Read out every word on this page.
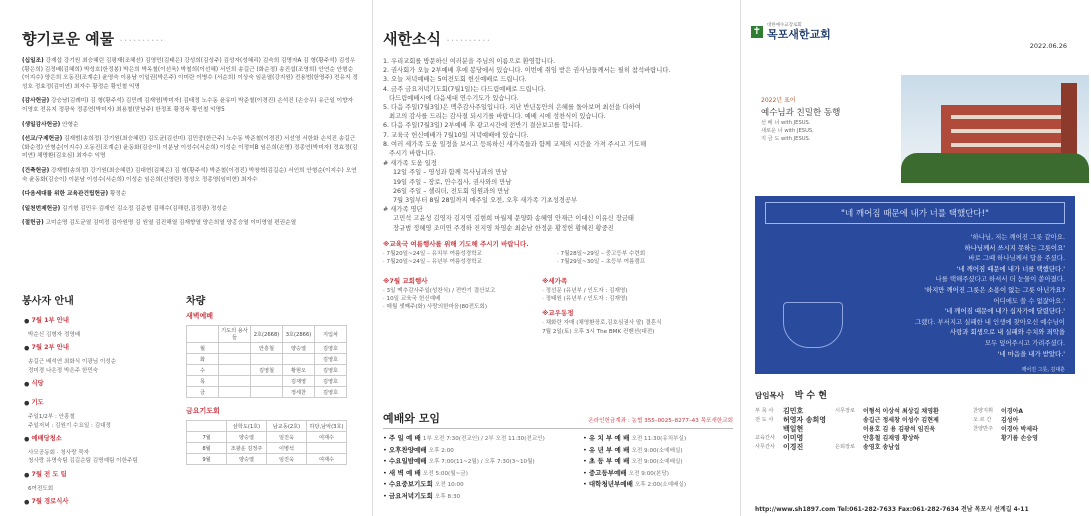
향기로운 예물 ··········
(십일조) 강재섭 강기원 최승혜린 김평재(조혜선) 김영민(김태은) 강성희(김성주) 김성자(성혜리) 김숙희 김명자A 김 형(황주석) 김성우(황은희) 김정배(김혜희) 박성호(한정봉) 박은희 박옥철(이선욱) 박철희(이선혜) 서인희 송길근 (화순정) 송진섭(조영희) 안연순 안형순(이지수) 양은희 오동진(조계순) 윤영숙 이용남 이일권(박은주) 이미란 이병수 (서순희) 이상숙 임운열(강지원) 전용범(한영주) 전유지 정성호 정효정(김미연) 최자수 황정순 황인철 익명
(감사헌금) 강승남(김례미) 김 형(황주석) 김민례 김재영(박미자) 김태정 노수동 윤유미 박준철(이경진) 손석진 (손승우) 유근일 이향자 이영호 전유지 정광욱 정종연(박미자) 최용철(맏남주) 한정표 황정욱 황인철 익명5
(생일감사헌금) 안형순
(선교/구제헌금) 김재범(송희정) 강기원(최승혜린) 김도균(김선미) 김민중(한근주) 노수동 박준철(이경진) 서선영 서한화 손석진 송길근(화순정) 안형순(이지수) 오동진(조계순) 윤동화(김승이) 이분남 이성수(서순희) 이성순 이정미B 임은희(손명) 정종연(박미자) 정효정(김미연) 채명환(김호심) 최자수 익명
(건축헌금) 강재범(송희정) 강기원(최승혜린) 김대현(김혜은) 김 형(황주석) 박준철(이경진) 박창혁(김길순) 서인희 안형순(이지수) 오연숙 윤동화(김승이) 이분남 이성수(서순희) 이성순 임은희(신영란) 정성오 정종영(임미현) 최자수
(다음세대를 위한 교육관건립헌금) 황정순
(일천번제헌금) 김기형 김민우 김재인 김소정 김준형 김해수(김해린,김정광) 정성순
(절헌금) 고미순명 김도균열 김미정 김아원명 김 원열 김진해열 김재향열 양은희열 양홍승열 이미영열 편권순열
봉사자 안내
• 7월 1부 안내
박순신 김형자 정영배
• 7월 2부 안내
송길근 배석연 최화식 이광님 이성순
정미경 나은정 박은주 한민숙
• 식당
• 기도
주일1/2부 : 안흥철
주일저녁 : 김원기 수요일 : 김대정
• 예배당청소
사모공동회 · 청사랑 묵자
청사랑 유명숙팀 김길순팀 김명예팀 이한주팀
• 7월 전 도 팀
6여전도회
• 7월 경로식사
차량
새벽예배
	기도의 용사들	2호(2668)	3호(2866)	지입차
월		안흥철	양승열	김영호
화				김영호
수		김영철	황현오	김영호
목			김재영	김영호
금			정세찬	김영호
금요기도회
	삼학도(1호)	남교동(2호)	하당,남악(3호)
7월	양승열	임진욱	여재수
8월	조광운 김정주	이병석	
9월	양승열	임진욱	여재수
새한소식 ··········
1. 우리교회를 방문하신 여러분을 주님의 이름으로 환영합니다.
2. 권사회가 오늘 2부예배 후에 봉당에서 있습니다. 이번에 취임 받은 권사님들께서는 필히 참석바랍니다.
3. 오늘 저녁예배는 5여전도회 헌신예배로 드립니다.
4. 금주 금요저녁기도회(7월1일)는 다드림예배로 드립니다.
다드림예배시에 다음세대 연수기도가 있습니다.
5. 다음 주일(7월3일)은 맥추감사주일입니다. 지난 반년동안의 은혜를 돌아보며 최선을 다하여
최고의 감사를 드리는 감사절 되시기를 바랍니다. 예배 시에 성찬식이 있습니다.
6. 다음 주일(7월3일) 2부예배 후 광고시간에 전반기 결산보고를 합니다.
7. 교육국 헌신예배가 7월10일 저녁예배에 있습니다.
8. 여러 세가족 도움 일정을 보시고 등록하신 새가족들과 함께 교제의 시간을 가져 주시고 기도해
주시기 바랍니다.
# 새가족 도움 일정
12일 주일 – 영성과 함께 목사님과의 만남
19일 주일 – 장로, 안수집사, 권사와의 만남
26일 주일 – 셀리더, 전도회 임원과의 만남
7월 3일부터 8월 28일까지 매주일 오전, 오후 새가족 기초성경공부
# 새가족 명단
고민석 고윤성 김영자 김지연 김현희 마월제 문양화 송혜영 안재근 이대신 이유신 장금태
장규범 정혜영 조미연 주경하 진지영 차영순 최순남 한정운 황정헌 황혜진 황중진
※교육국 여름행사를 위해 기도해 주시기 바랍니다.
· 7월20일~24일 – 유치부 여름성경학교
· 7월20일~24일 – 유년부 여름성경학교
· 7월28일~29일 – 중고등부 수련회
· 7월29일~30일 – 초등부 여름캠프
※7월 교회행사
· 3일 맥추감사주일(성찬식) / 전반기 결산보고
· 10일 교육국 헌신예배
· 매월 셋째주(화) 사랑의한마음(80전도회)
※세가족
· 정선문 (유년부 / 인도자 : 김재영)
· 정태원 (유년부 / 인도자 : 김재영)
※교우동정
· 채화란 자매 (채영환장로,김호심권사 딸) 결혼식
7월 2일(토) 오후 3시 The BMK 컨벤션(대전)
예배와 모임	온라인헌금계좌 : 농협 355–0025–8277–43 목포새한교회
• 주 일 예 배 1부 오전 7:30(전교인) / 2부 오전 11:30(전교인)
• 오후찬양예배 오후 2:00
• 수요일밤예배 오후 7:00(11~2월) / 오후 7:30(3~10월)
• 새 벽 예 배 오전 5:00(월~금)
• 수요중보기도회 오전 10:00
• 금요저녁기도회 오후 8:30
• 유 치 부 예 배 오전 11:30(유치부실)
• 유 년 부 예 배 오전 9:00(소예배실)
• 초 등 부 예 배 오전 9:00(소예배실)
• 중고등부예배 오전 9:00(본당)
• 대학청년부예배 오후 2:00(소예배실)
✝
대한예수교장로회
목포새한교회
2022.06.26
2022년 표어
예수님과 친밀한 동행
선 배 너 with JESUS.
새로운 너 with JESUS.
지 금 도 with JESUS.
"네 깨어짐 때문에 내가 너를 택했단다!"
'하나님, 저는 깨어진 그릇 같아요.
하나님께서 쓰시지 못하는 그릇이요'
바로 그때 하나님께서 답을 주셨다.
'네 깨어짐 때문에 내가 너를 택했단다.'
나를 택해주셨다고 하셔서 더 눈물이 쏟아졌다.
'하지만 깨어진 그릇은 소용이 없는 그릇 아닌가요?
어디에도 쓸 수 없잖아요.'
'네 깨어짐 때문에 내가 십자가에 달렸단다.'
그랬다. 부서지고 실패한 내 인생에 찾아오신 예수님이
사랑과 회생으로 내 실패와 수치와 죄악을
모두 덮어주시고 가려주셨다.
'네 마음을 내가 받았다.'
깨어진 그릇, 김대훈
담임목사 박 수 현
부 목 사	김민호	시무장로	이형석 이상석 최상길 채영환	찬양지휘	이경아A
전 도 사	허영자 송희영	송길근 정세창 이성수 김현제	오 르 간	김성아
백일현	이용호 김 용 김광석 임진욱	찬양반주	이경아 박세라
교육간사	이미영	안흥철 김재영 황상하	황기름 손승영
사무간사	이경진	은퇴장로	송영호 송남섭
http://www.sh1897.com Tel:061-282-7633 Fax:061-282-7634 전남 목포시 선계길 4-11
